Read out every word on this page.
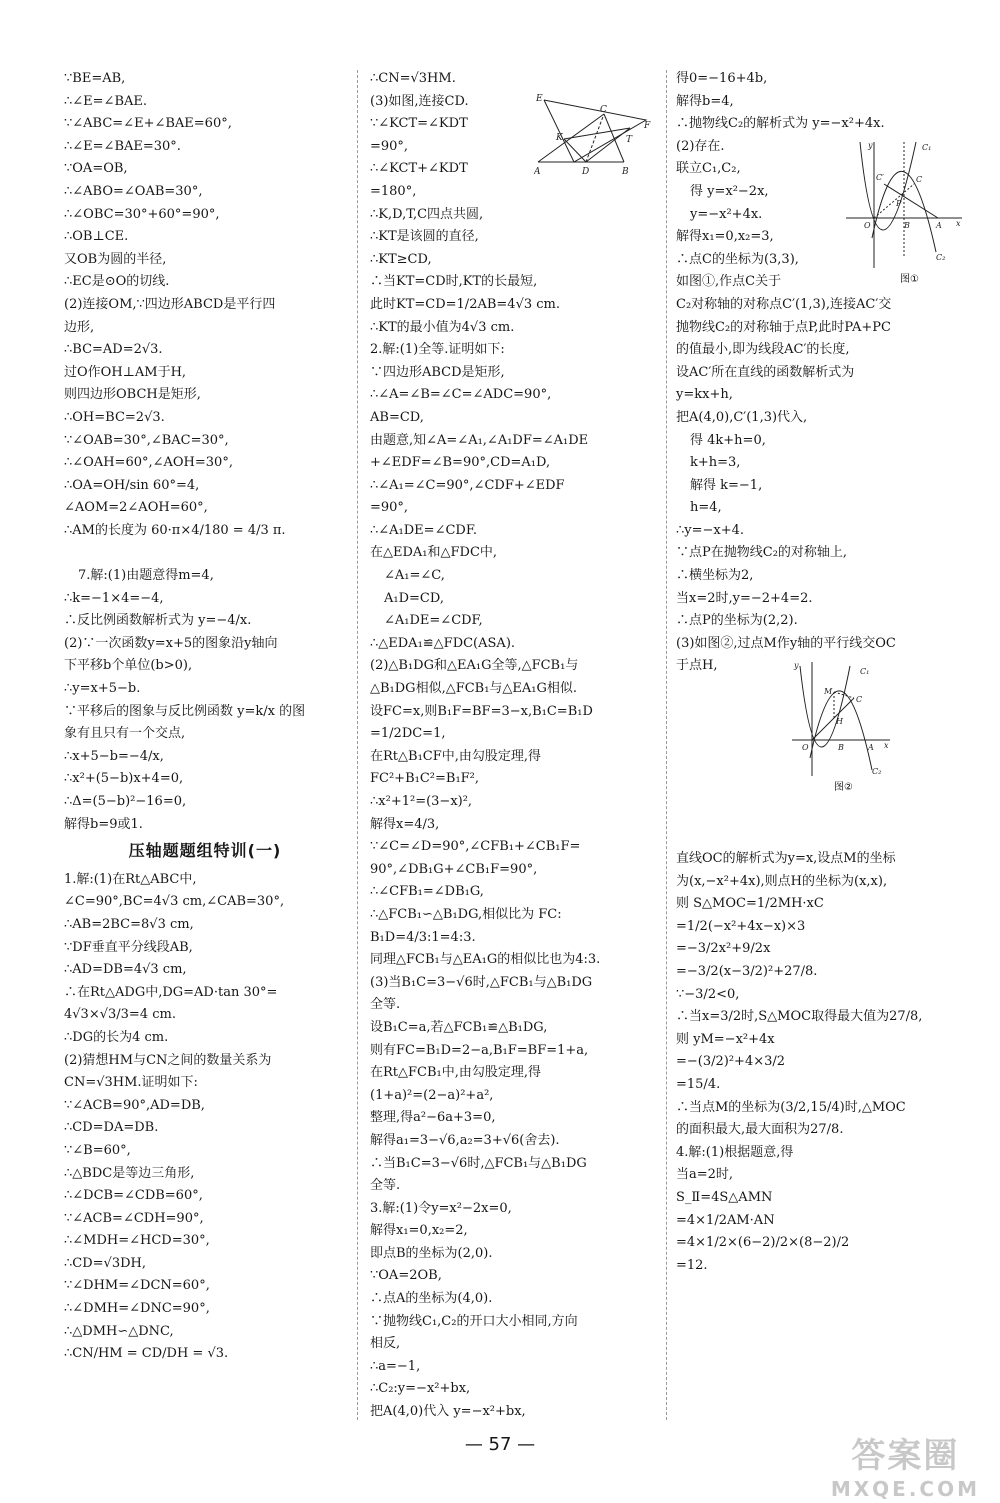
∵BE=AB,
∴∠E=∠BAE.
∵∠ABC=∠E+∠BAE=60°,
∴∠E=∠BAE=30°.
∵OA=OB,
∴∠ABO=∠OAB=30°,
∴∠OBC=30°+60°=90°,
∴OB⊥CE.
又OB为圆的半径,
∴EC是⊙O的切线.
(2)连接OM,∵四边形ABCD是平行四
边形,
∴BC=AD=2√3.
过O作OH⊥AM于H,
则四边形OBCH是矩形,
∴OH=BC=2√3.
∵∠OAB=30°,∠BAC=30°,
∴∠OAH=60°,∠AOH=30°,
∴OA=OH/sin 60°=4,
∠AOM=2∠AOH=60°,
∴AM的长度为 60·π×4/180 = 4/3 π.
7.解:(1)由题意得m=4,
∴k=−1×4=−4,
∴反比例函数解析式为 y=−4/x.
(2)∵一次函数y=x+5的图象沿y轴向
下平移b个单位(b>0),
∴y=x+5−b.
∵平移后的图象与反比例函数 y=k/x 的图
象有且只有一个交点,
∴x+5−b=−4/x,
∴x²+(5−b)x+4=0,
∴Δ=(5−b)²−16=0,
解得b=9或1.
压轴题题组特训(一)
1.解:(1)在Rt△ABC中,
∠C=90°,BC=4√3 cm,∠CAB=30°,
∴AB=2BC=8√3 cm,
∵DF垂直平分线段AB,
∴AD=DB=4√3 cm,
∴在Rt△ADG中,DG=AD·tan 30°=
4√3×√3/3=4 cm.
∴DG的长为4 cm.
(2)猜想HM与CN之间的数量关系为
CN=√3HM.证明如下:
∵∠ACB=90°,AD=DB,
∴CD=DA=DB.
∵∠B=60°,
∴△BDC是等边三角形,
∴∠DCB=∠CDB=60°,
∵∠ACB=∠CDH=90°,
∴∠MDH=∠HCD=30°,
∴CD=√3DH,
∵∠DHM=∠DCN=60°,
∴∠DMH=∠DNC=90°,
∴△DMH∽△DNC,
∴CN/HM = CD/DH = √3.
∴CN=√3HM.
(3)如图,连接CD.
∵∠KCT=∠KDT
=90°,
∴∠KCT+∠KDT
=180°,
∴K,D,T,C四点共圆,
∴KT是该圆的直径,
∴KT≥CD,
∴当KT=CD时,KT的长最短,
此时KT=CD=1/2AB=4√3 cm.
∴KT的最小值为4√3 cm.
2.解:(1)全等.证明如下:
∵四边形ABCD是矩形,
∴∠A=∠B=∠C=∠ADC=90°,
AB=CD,
由题意,知∠A=∠A₁,∠A₁DF=∠A₁DE
+∠EDF=∠B=90°,CD=A₁D,
∴∠A₁=∠C=90°,∠CDF+∠EDF
=90°,
∴∠A₁DE=∠CDF.
在△EDA₁和△FDC中,
∠A₁=∠C,
A₁D=CD,
∠A₁DE=∠CDF,
∴△EDA₁≌△FDC(ASA).
(2)△B₁DG和△EA₁G全等,△FCB₁与
△B₁DG相似,△FCB₁与△EA₁G相似.
设FC=x,则B₁F=BF=3−x,B₁C=B₁D
=1/2DC=1,
在Rt△B₁CF中,由勾股定理,得
FC²+B₁C²=B₁F²,
∴x²+1²=(3−x)²,
解得x=4/3,
∵∠C=∠D=90°,∠CFB₁+∠CB₁F=
90°,∠DB₁G+∠CB₁F=90°,
∴∠CFB₁=∠DB₁G,
∴△FCB₁∽△B₁DG,相似比为 FC:
B₁D=4/3:1=4:3.
同理△FCB₁与△EA₁G的相似比也为4:3.
(3)当B₁C=3−√6时,△FCB₁与△B₁DG
全等.
设B₁C=a,若△FCB₁≌△B₁DG,
则有FC=B₁D=2−a,B₁F=BF=1+a,
在Rt△FCB₁中,由勾股定理,得
(1+a)²=(2−a)²+a²,
整理,得a²−6a+3=0,
解得a₁=3−√6,a₂=3+√6(舍去).
∴当B₁C=3−√6时,△FCB₁与△B₁DG
全等.
3.解:(1)令y=x²−2x=0,
解得x₁=0,x₂=2,
即点B的坐标为(2,0).
∵OA=2OB,
∴点A的坐标为(4,0).
∵抛物线C₁,C₂的开口大小相同,方向
相反,
∴a=−1,
∴C₂:y=−x²+bx,
把A(4,0)代入 y=−x²+bx,
得0=−16+4b,
解得b=4,
∴抛物线C₂的解析式为 y=−x²+4x.
(2)存在.
联立C₁,C₂,
得 y=x²−2x,
y=−x²+4x.
解得x₁=0,x₂=3,
∴点C的坐标为(3,3),
如图①,作点C关于
C₂对称轴的对称点C′(1,3),连接AC′交
抛物线C₂的对称轴于点P,此时PA+PC
的值最小,即为线段AC′的长度,
设AC′所在直线的函数解析式为
y=kx+h,
把A(4,0),C′(1,3)代入,
得 4k+h=0,
k+h=3,
解得 k=−1,
h=4,
∴y=−x+4.
∵点P在抛物线C₂的对称轴上,
∴横坐标为2,
当x=2时,y=−2+4=2.
∴点P的坐标为(2,2).
(3)如图②,过点M作y轴的平行线交OC
于点H,
直线OC的解析式为y=x,设点M的坐标
为(x,−x²+4x),则点H的坐标为(x,x),
则 S△MOC=1/2MH·xC
=1/2(−x²+4x−x)×3
=−3/2x²+9/2x
=−3/2(x−3/2)²+27/8.
∵−3/2<0,
∴当x=3/2时,S△MOC取得最大值为27/8,
则 yM=−x²+4x
=−(3/2)²+4×3/2
=15/4.
∴当点M的坐标为(3/2,15/4)时,△MOC
的面积最大,最大面积为27/8.
4.解:(1)根据题意,得
当a=2时,
S_Ⅱ=4S△AMN
=4×1/2AM·AN
=4×1/2×(6−2)/2×(8−2)/2
=12.
E
F
K
C
T
A	D	B
y	C₁
C′	C
P
O	B	A x
C₂
图①
y
C₁
M
C
H
O	B	A x
C₂
图②
— 57 —	答案圈
MXQE.COM
